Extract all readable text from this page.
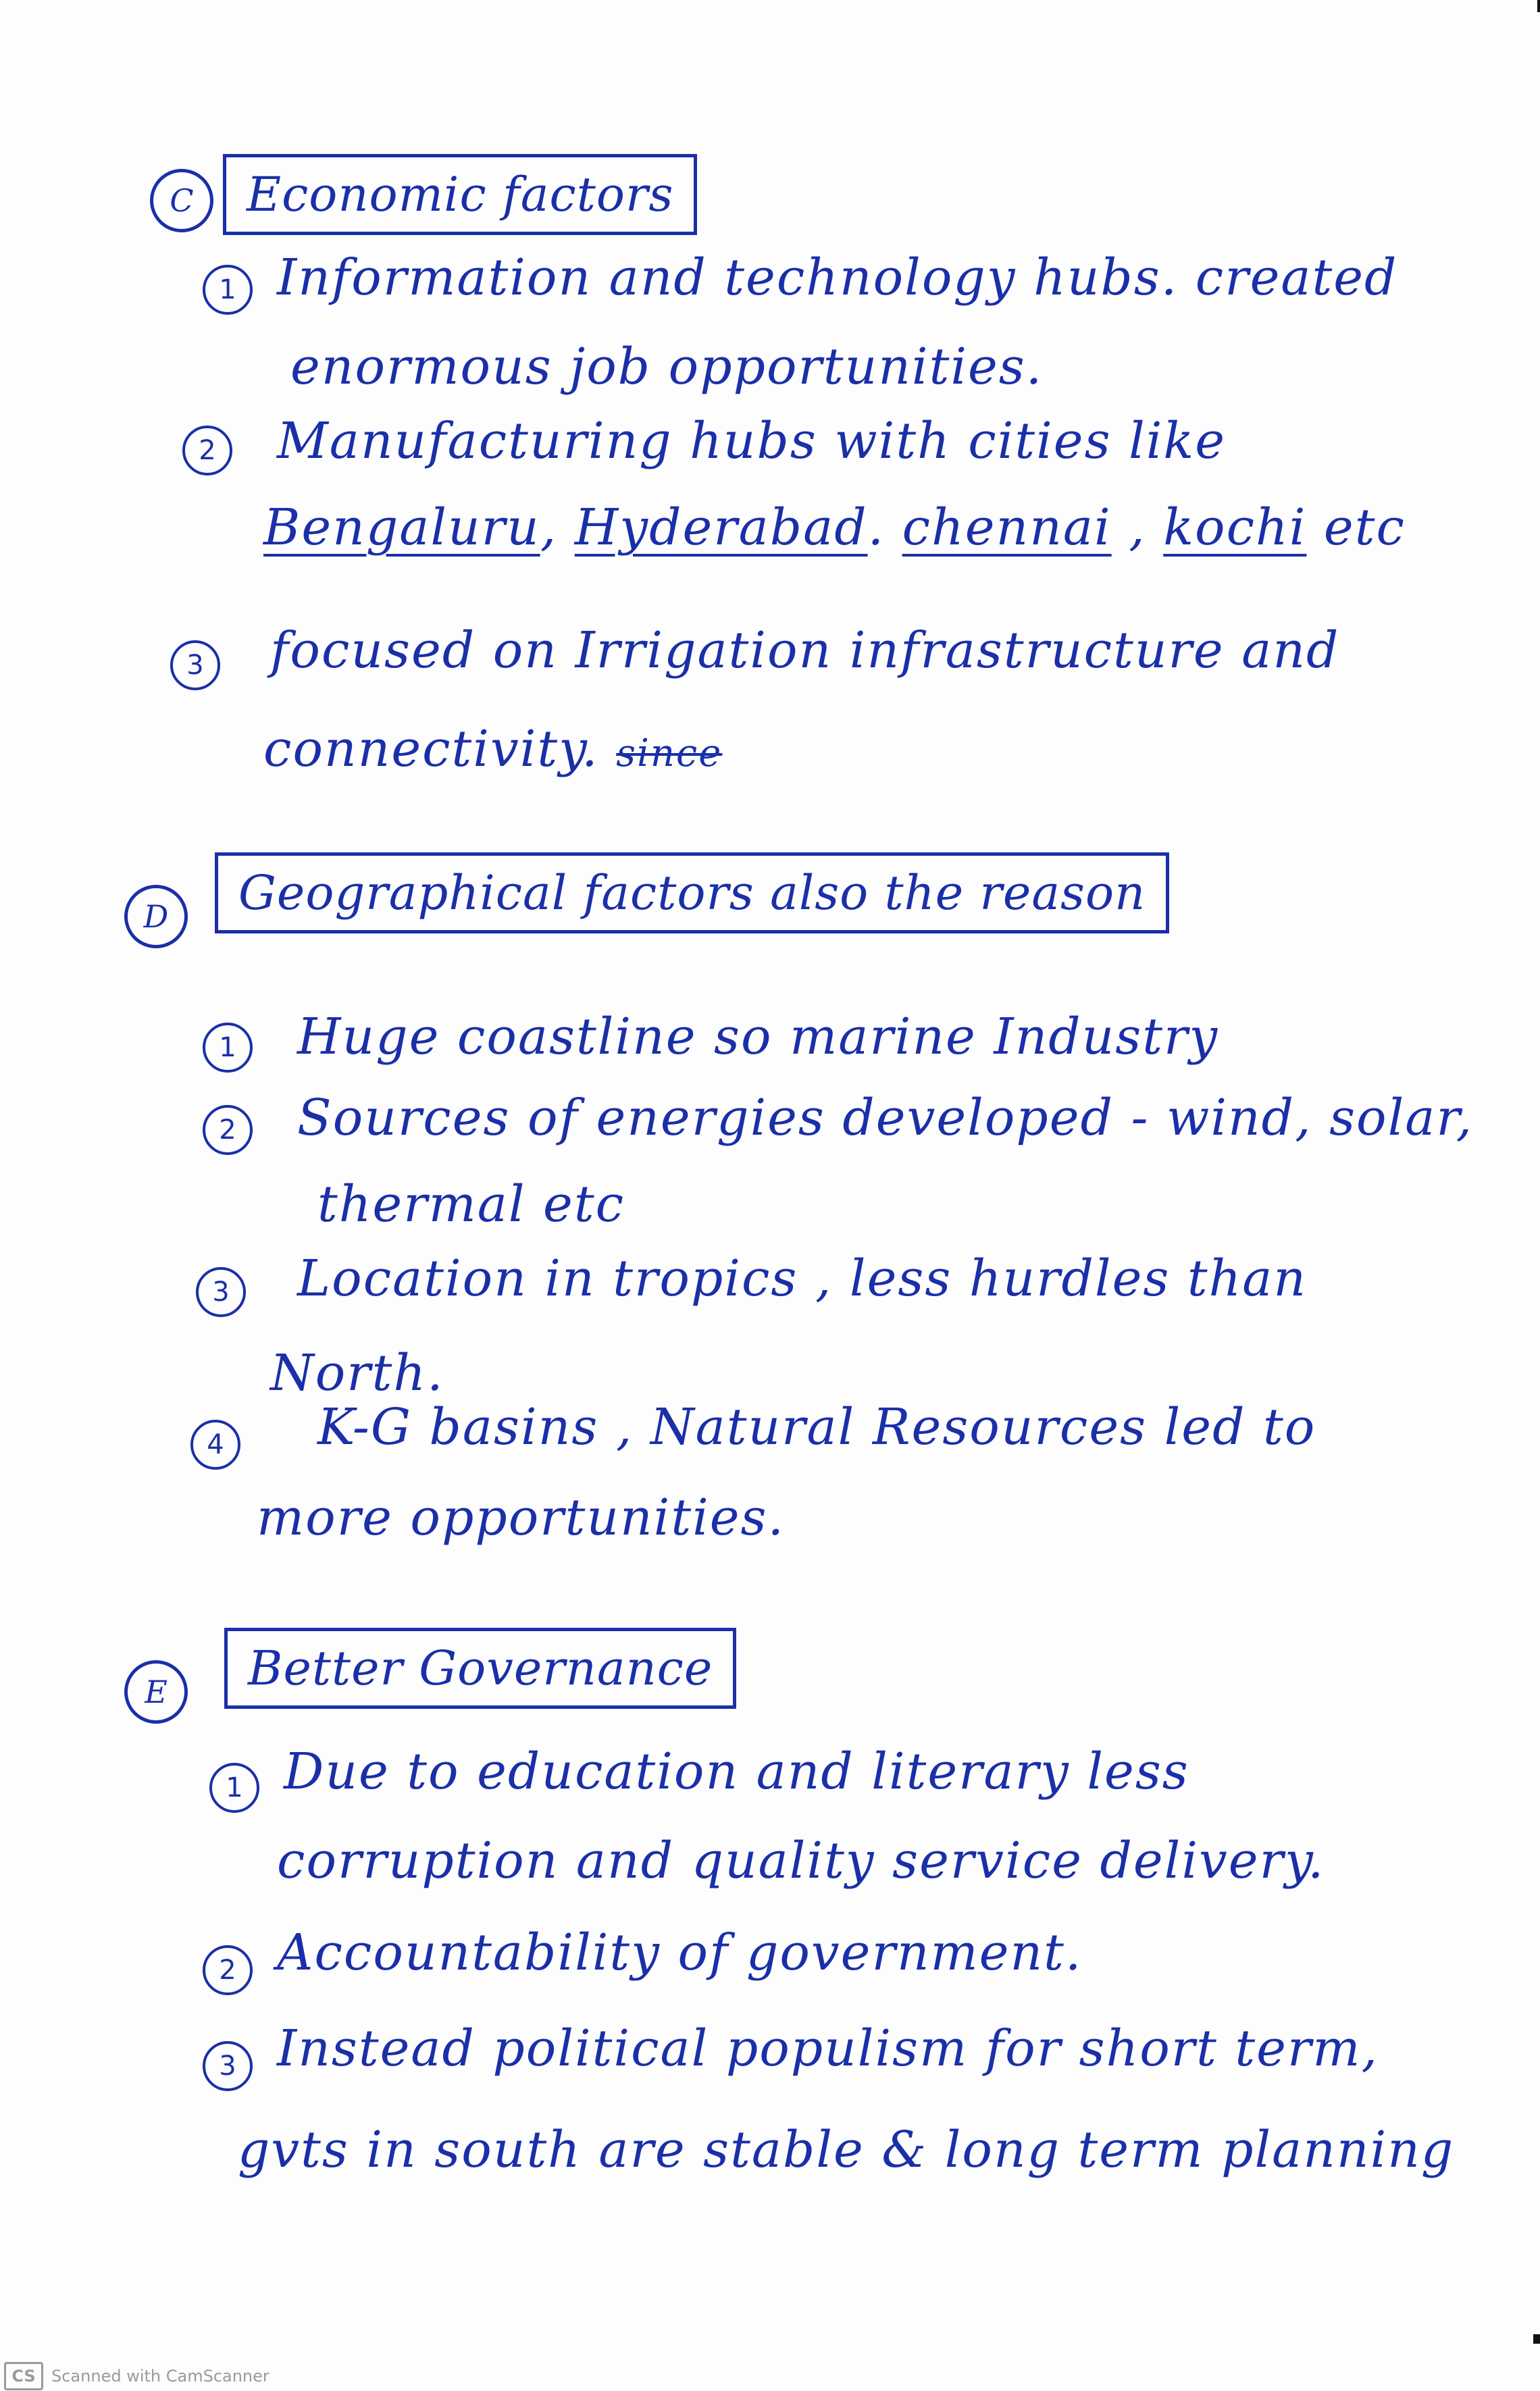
C	Economic factors
1 Information and technology hubs. created
enormous job opportunities.
2	Manufacturing hubs with cities like
Bengaluru, Hyderabad. chennai , kochi etc
3	focused on Irrigation infrastructure and
connectivity. since
D	Geographical factors also the reason
1	Huge coastline so marine Industry
2	Sources of energies developed - wind, solar,
thermal etc
3	Location in tropics , less hurdles than
North.
4	K-G basins , Natural Resources led to
more opportunities.
E	Better Governance
1 Due to education and literary less
corruption and quality service delivery.
2 Accountability of government.
3 Instead political populism for short term,
gvts in south are stable & long term planning
CS Scanned with CamScanner
